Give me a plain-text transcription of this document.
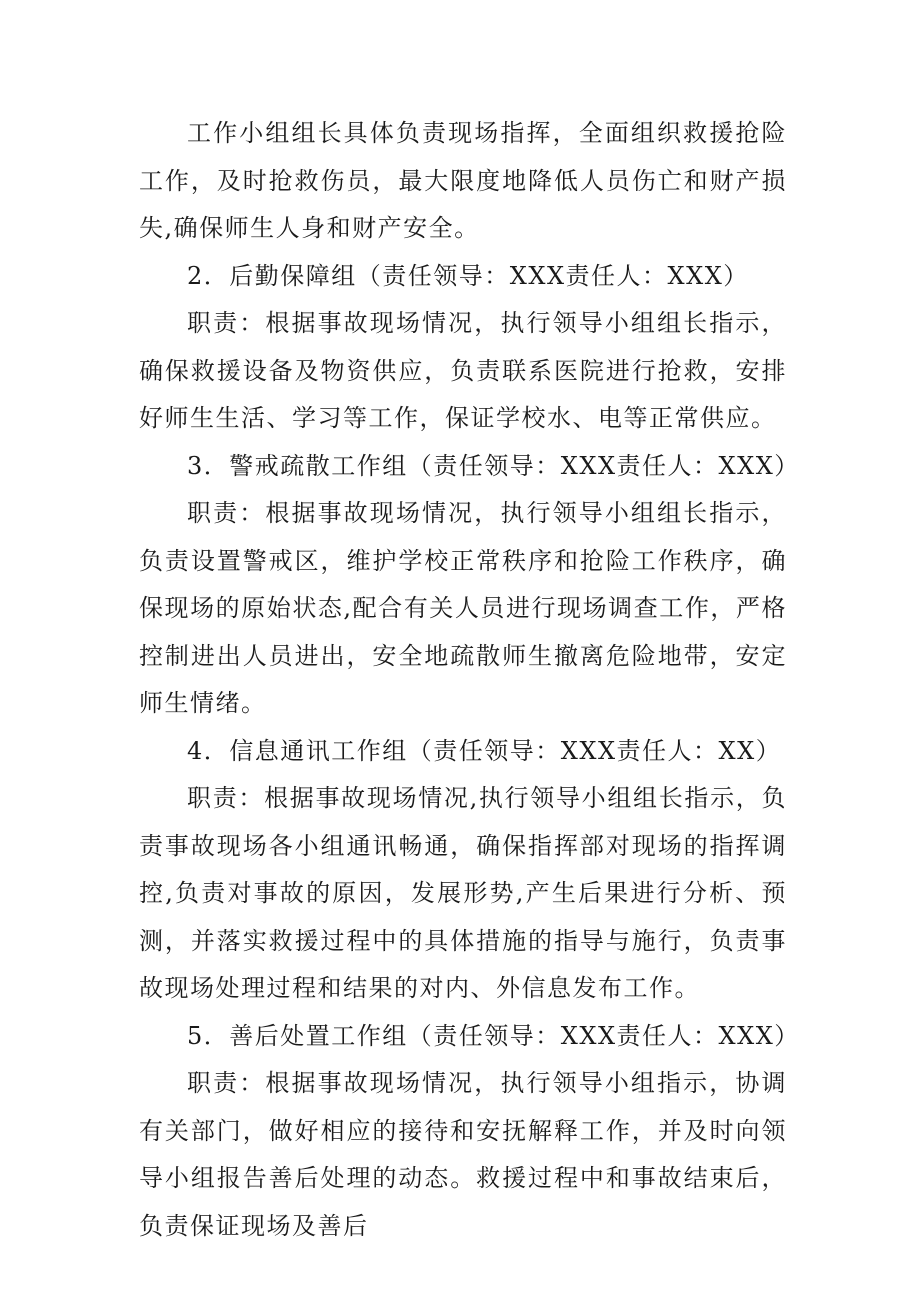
工作小组组长具体负责现场指挥，全面组织救援抢险工作，及时抢救伤员，最大限度地降低人员伤亡和财产损失,确保师生人身和财产安全。

2．后勤保障组（责任领导：XXX责任人：XXX）

职责：根据事故现场情况，执行领导小组组长指示，确保救援设备及物资供应，负责联系医院进行抢救，安排好师生生活、学习等工作，保证学校水、电等正常供应。

3．警戒疏散工作组（责任领导：XXX责任人：XXX）

职责：根据事故现场情况，执行领导小组组长指示，负责设置警戒区，维护学校正常秩序和抢险工作秩序，确保现场的原始状态,配合有关人员进行现场调查工作，严格控制进出人员进出，安全地疏散师生撤离危险地带，安定师生情绪。

4．信息通讯工作组（责任领导：XXX责任人：XX）

职责：根据事故现场情况,执行领导小组组长指示，负责事故现场各小组通讯畅通，确保指挥部对现场的指挥调控,负责对事故的原因，发展形势,产生后果进行分析、预测，并落实救援过程中的具体措施的指导与施行，负责事故现场处理过程和结果的对内、外信息发布工作。

5．善后处置工作组（责任领导：XXX责任人：XXX）

职责：根据事故现场情况，执行领导小组指示，协调有关部门，做好相应的接待和安抚解释工作，并及时向领导小组报告善后处理的动态。救援过程中和事故结束后，负责保证现场及善后
